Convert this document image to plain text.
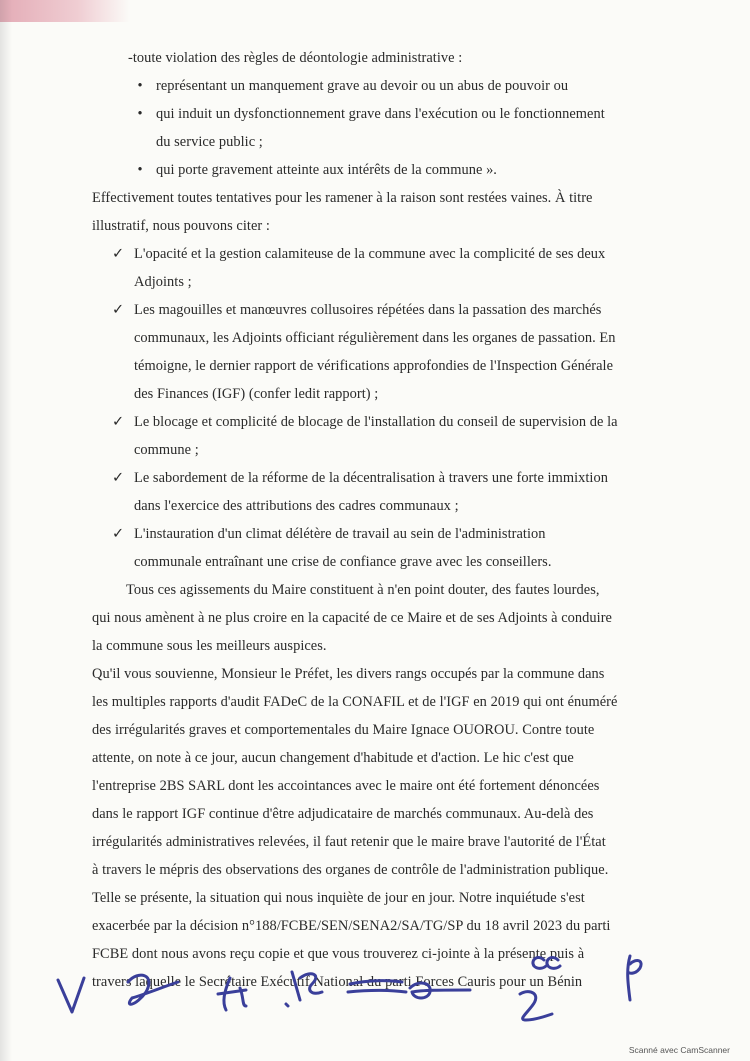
-toute violation des règles de déontologie administrative :

• représentant un manquement grave au devoir ou un abus de pouvoir ou

• qui induit un dysfonctionnement grave dans l'exécution ou le fonctionnement

du service public ;

• qui porte gravement atteinte aux intérêts de la commune ».

Effectivement toutes tentatives pour les ramener à la raison sont restées vaines. À titre

illustratif, nous pouvons citer :

✓ L'opacité et la gestion calamiteuse de la commune avec la complicité de ses deux

Adjoints ;

✓ Les magouilles et manœuvres collusoires répétées dans la passation des marchés

communaux, les Adjoints officiant régulièrement dans les organes de passation. En

témoigne, le dernier rapport de vérifications approfondies de l'Inspection Générale

des Finances (IGF) (confer ledit rapport) ;

✓ Le blocage et complicité de blocage de l'installation du conseil de supervision de la

commune ;

✓ Le sabordement de la réforme de la décentralisation à travers une forte immixtion

dans l'exercice des attributions des cadres communaux ;

✓ L'instauration d'un climat délétère de travail au sein de l'administration

communale entraînant une crise de confiance grave avec les conseillers.

Tous ces agissements du Maire constituent à n'en point douter, des fautes lourdes,

qui nous amènent à ne plus croire en la capacité de ce Maire et de ses Adjoints à conduire

la commune sous les meilleurs auspices.

Qu'il vous souvienne, Monsieur le Préfet, les divers rangs occupés par la commune dans

les multiples rapports d'audit FADeC de la CONAFIL et de l'IGF en 2019 qui ont énuméré

des irrégularités graves et comportementales du Maire Ignace OUOROU. Contre toute

attente, on note à ce jour, aucun changement d'habitude et d'action. Le hic c'est que

l'entreprise 2BS SARL dont les accointances avec le maire ont été fortement dénoncées

dans le rapport IGF continue d'être adjudicataire de marchés communaux. Au-delà des

irrégularités administratives relevées, il faut retenir que le maire brave l'autorité de l'État

à travers le mépris des observations des organes de contrôle de l'administration publique.

Telle se présente, la situation qui nous inquiète de jour en jour. Notre inquiétude s'est

exacerbée par la décision n°188/FCBE/SEN/SENA2/SA/TG/SP du 18 avril 2023 du parti

FCBE dont nous avons reçu copie et que vous trouverez ci-jointe à la présente puis à

travers laquelle le Secrétaire Exécutif National du parti Forces Cauris pour un Bénin

Scanné avec CamScanner
